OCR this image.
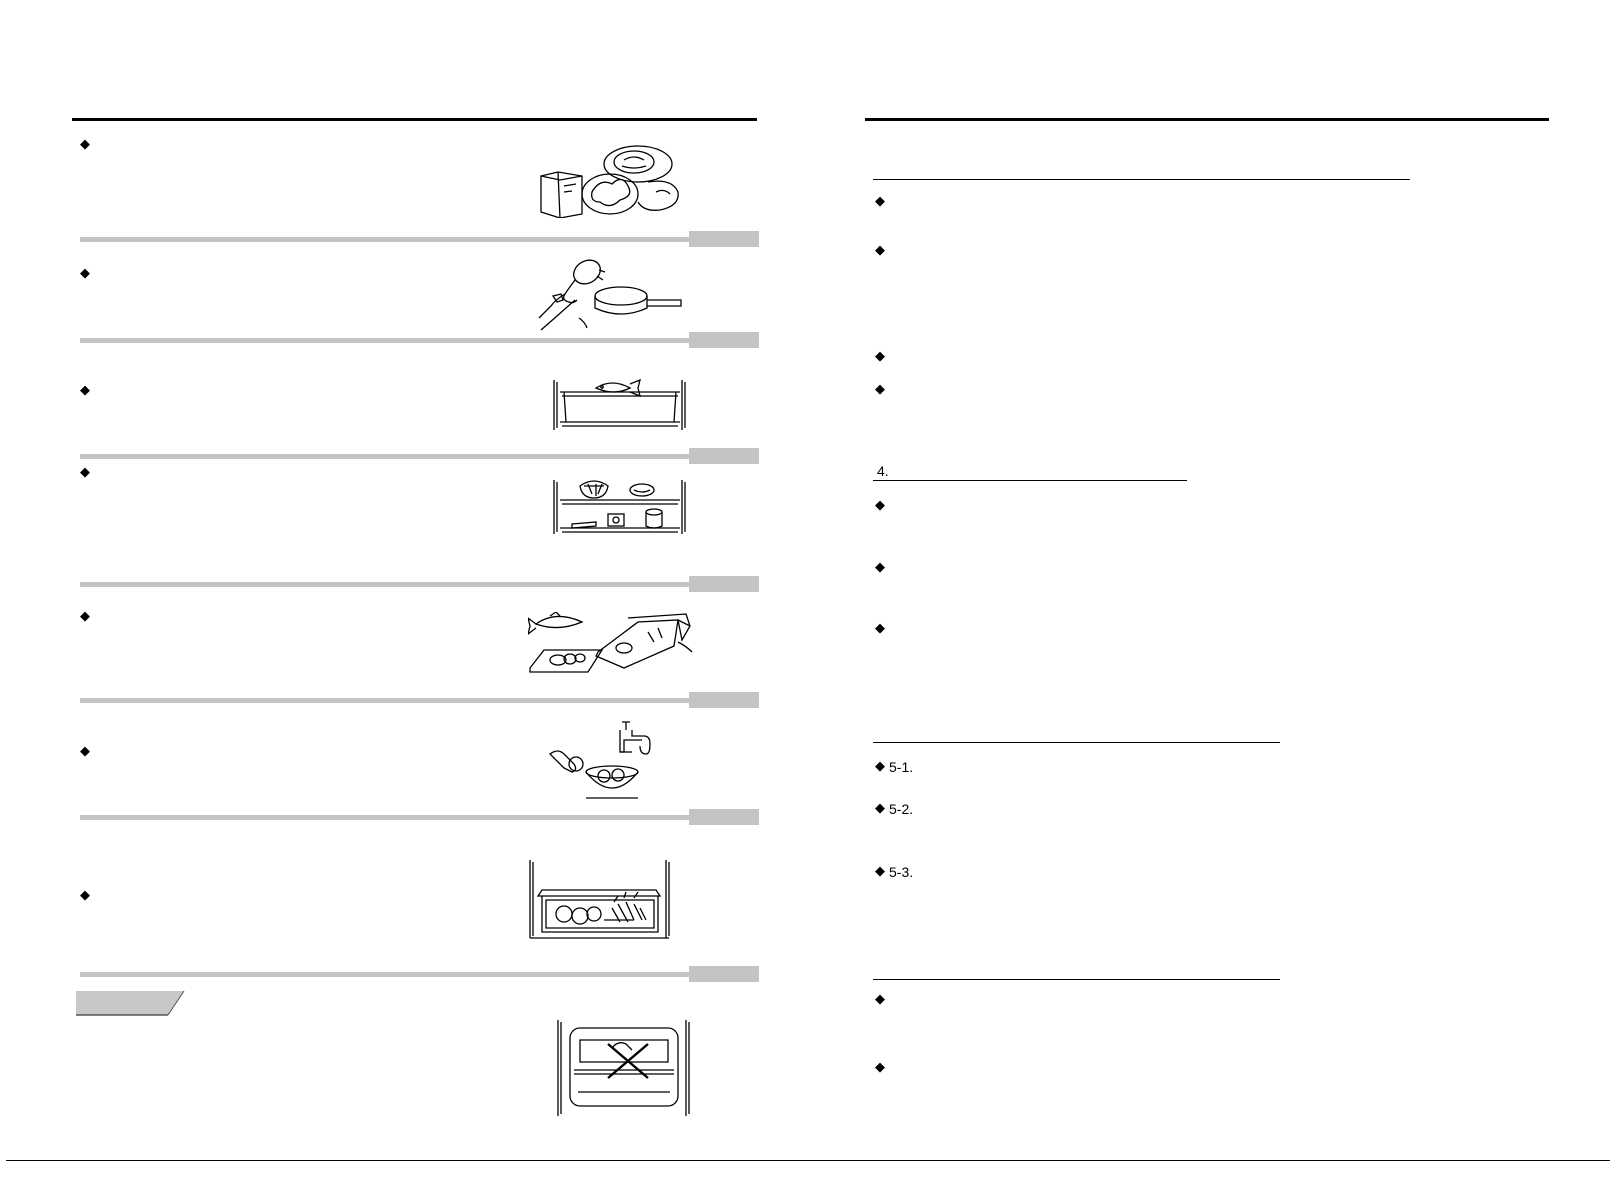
◆
◆
◆
◆
◆
◆
◆
◆
◆
◆
◆
4.
◆
◆
◆
◆ 5-1.
◆ 5-2.
◆ 5-3.
◆
◆
